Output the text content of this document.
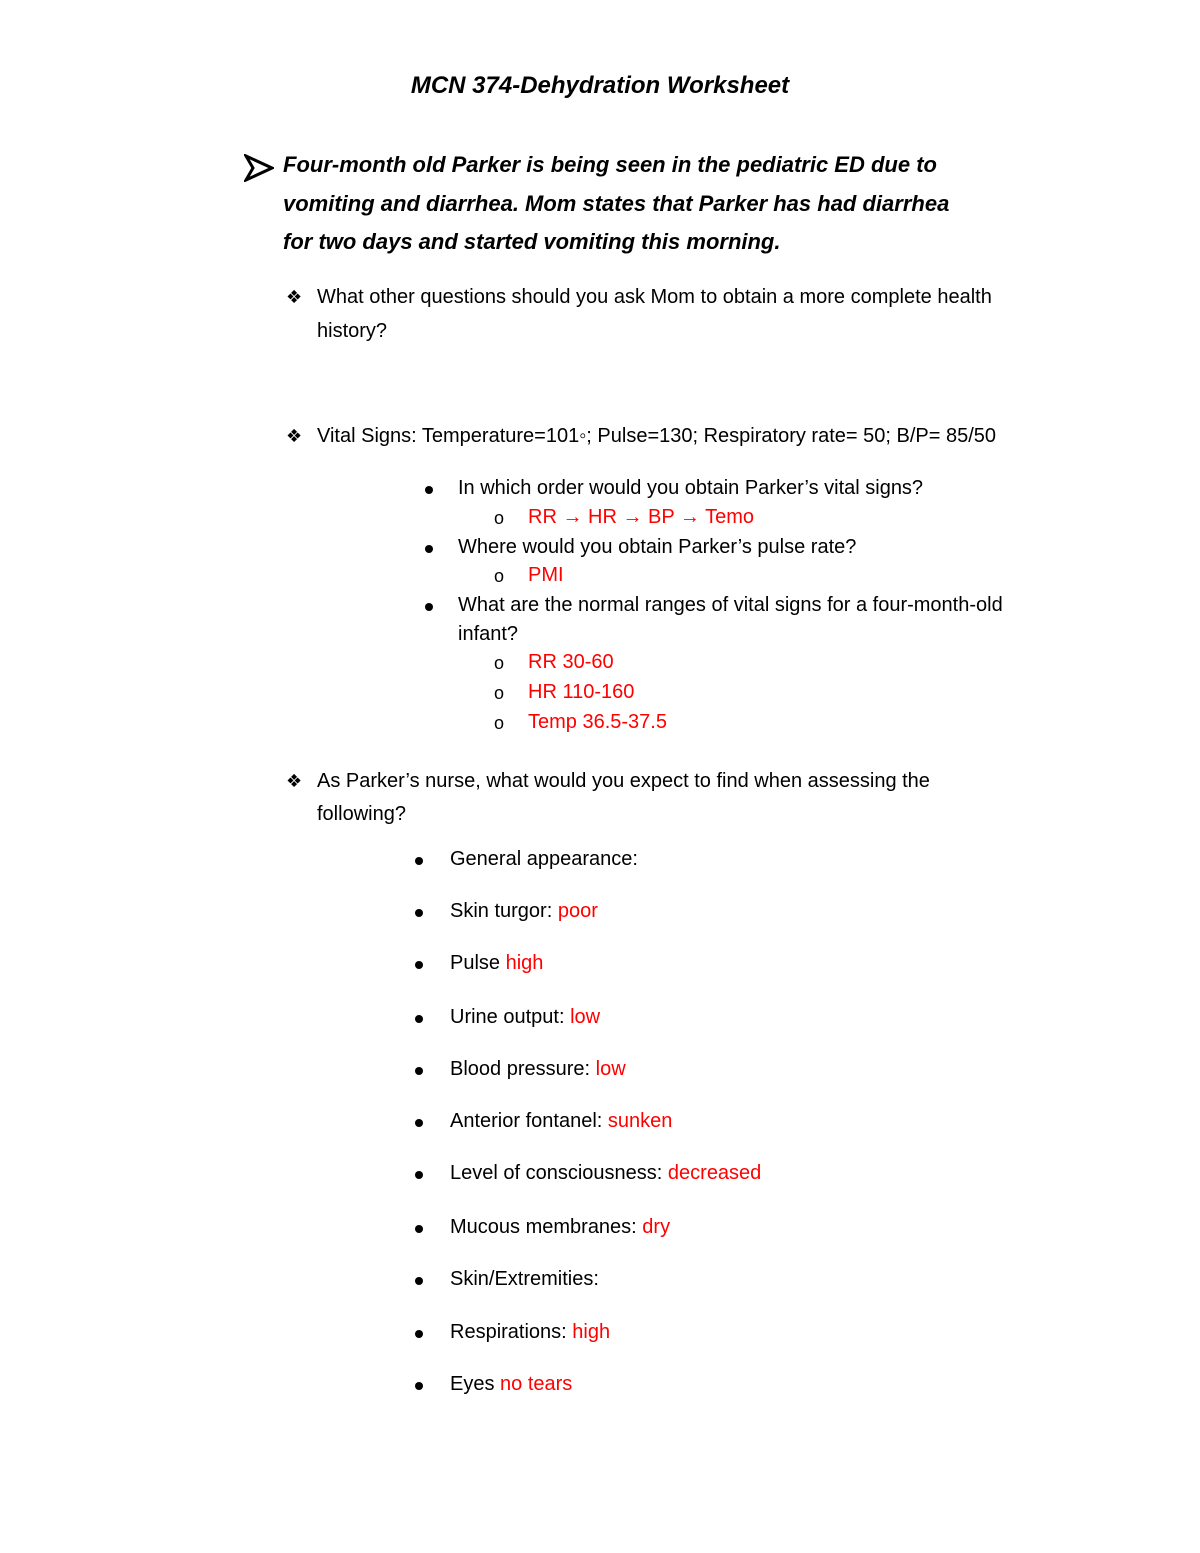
MCN 374-Dehydration Worksheet
Four-month old Parker is being seen in the pediatric ED due to
vomiting and diarrhea. Mom states that Parker has had diarrhea
for two days and started vomiting this morning.
❖ What other questions should you ask Mom to obtain a more complete health
history?
❖ Vital Signs: Temperature=101◦; Pulse=130; Respiratory rate= 50; B/P= 85/50
In which order would you obtain Parker’s vital signs?
o RR → HR → BP → Temo
Where would you obtain Parker’s pulse rate?
o PMI
What are the normal ranges of vital signs for a four-month-old
infant?
o RR 30-60
o HR 110-160
o Temp 36.5-37.5
❖ As Parker’s nurse, what would you expect to find when assessing the
following?
General appearance:
Skin turgor: poor
Pulse high
Urine output: low
Blood pressure: low
Anterior fontanel: sunken
Level of consciousness: decreased
Mucous membranes: dry
Skin/Extremities:
Respirations: high
Eyes no tears
